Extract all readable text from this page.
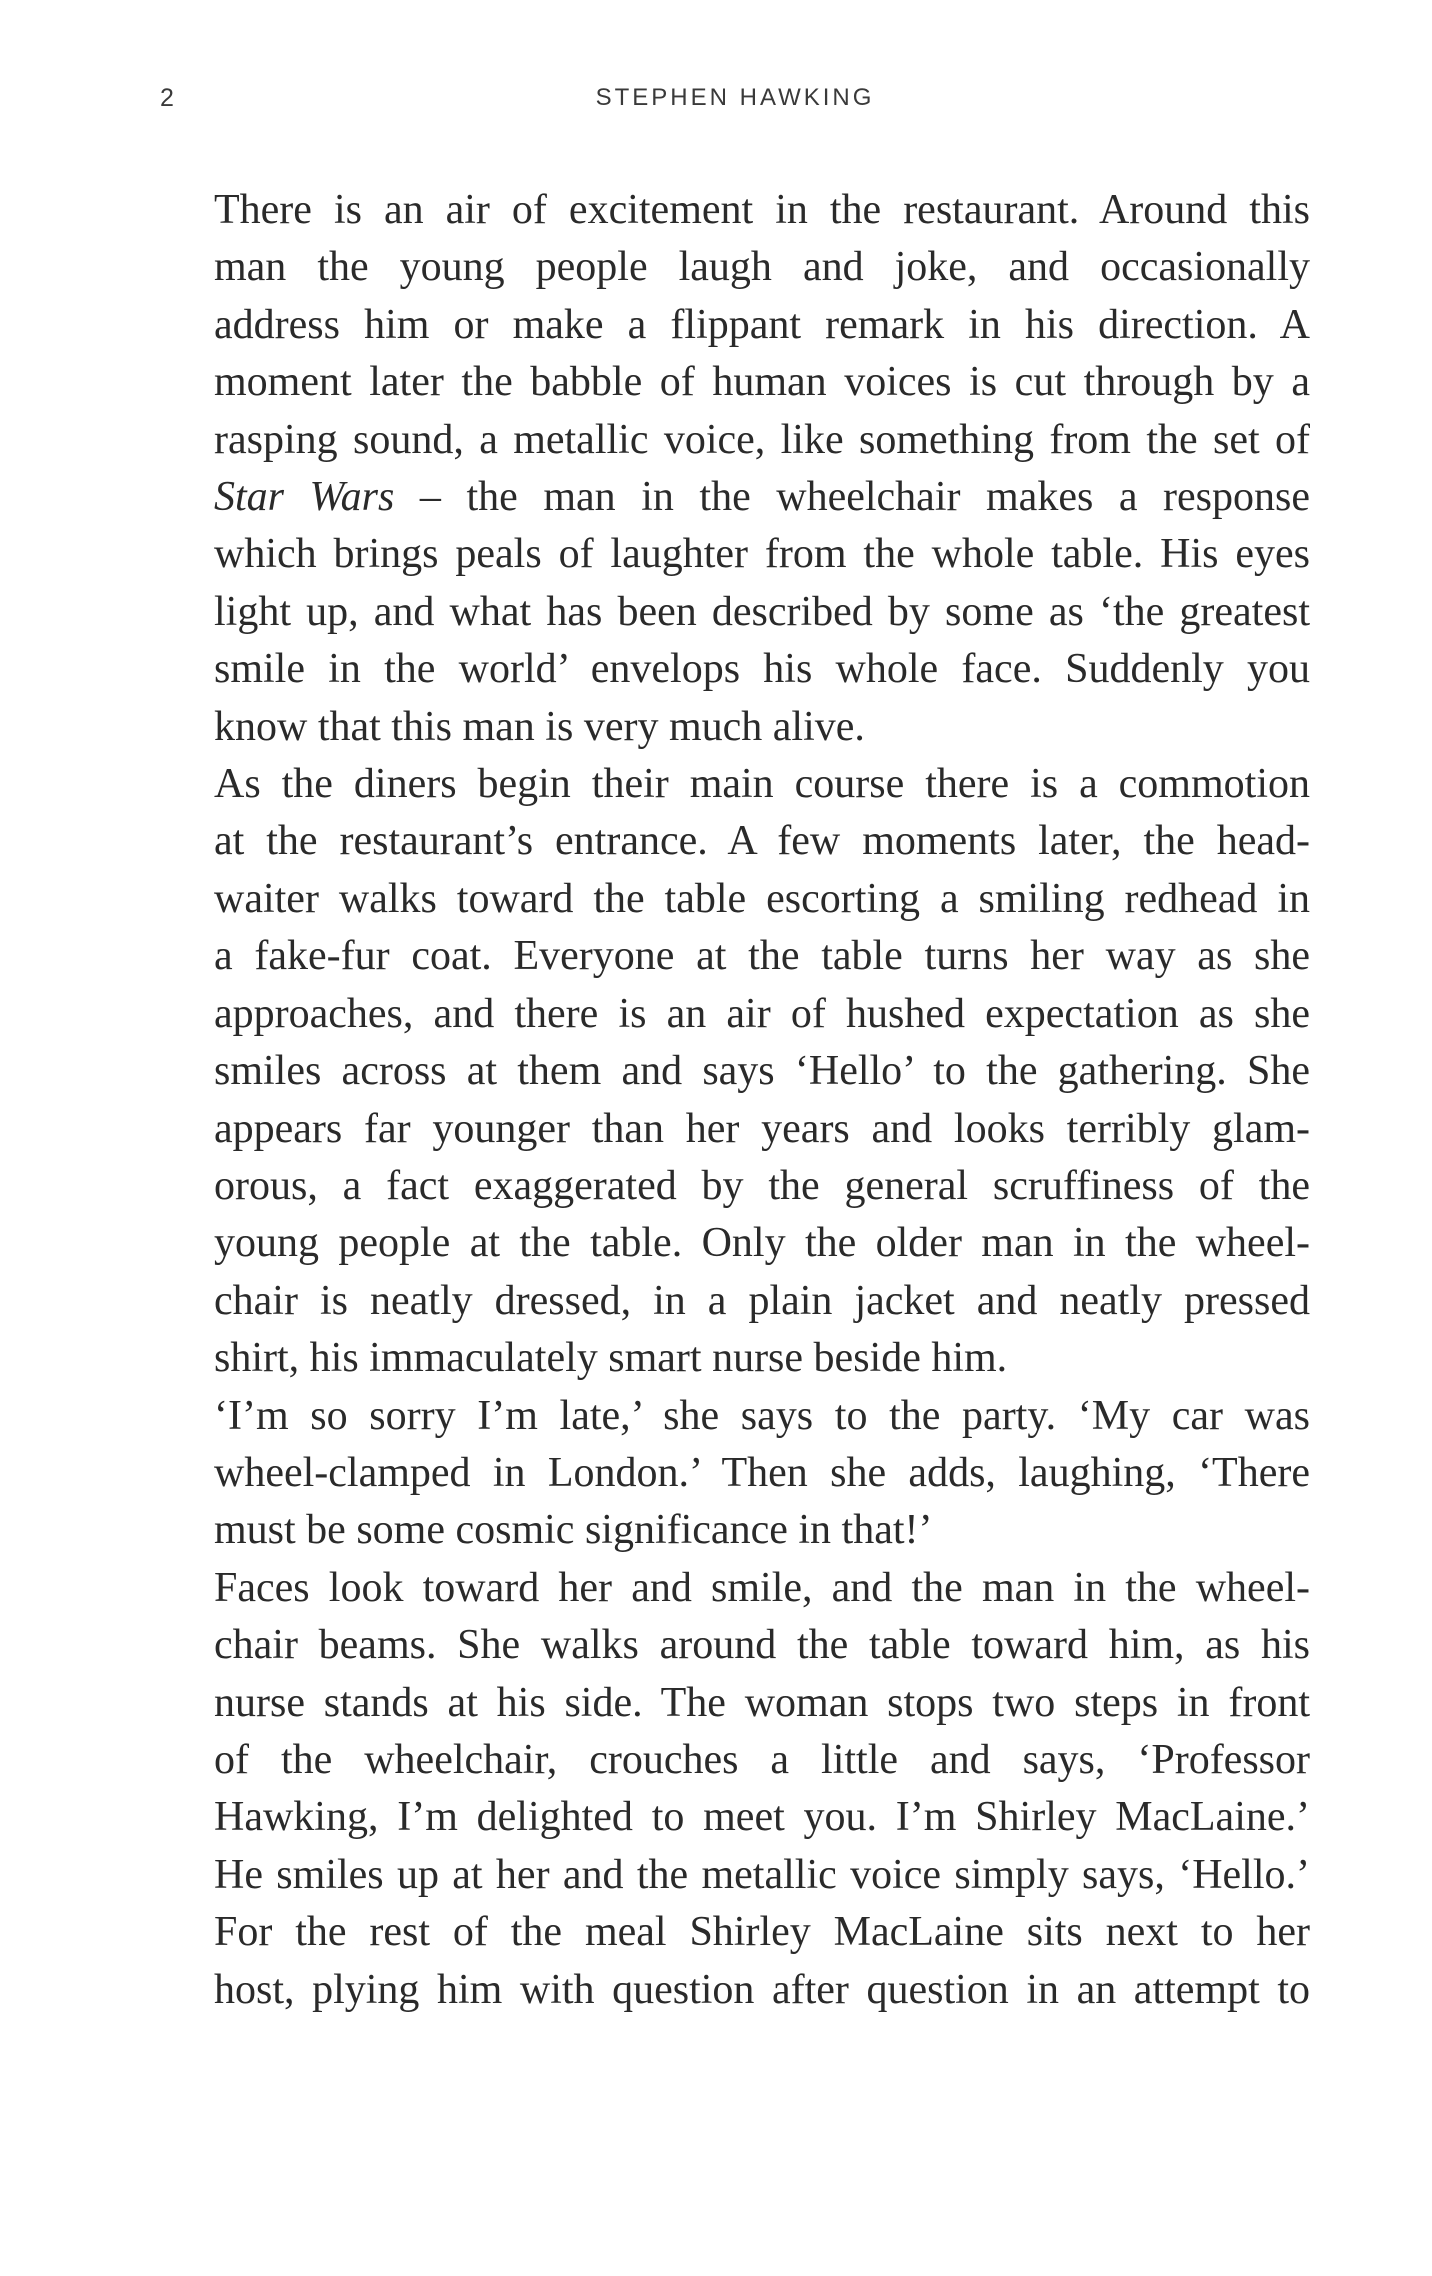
2	STEPHEN HAWKING

There is an air of excitement in the restaurant. Around this
man the young people laugh and joke, and occasionally
address him or make a flippant remark in his direction. A
moment later the babble of human voices is cut through by a
rasping sound, a metallic voice, like something from the set of
Star Wars – the man in the wheelchair makes a response
which brings peals of laughter from the whole table. His eyes
light up, and what has been described by some as ‘the greatest
smile in the world’ envelops his whole face. Suddenly you
know that this man is very much alive.

As the diners begin their main course there is a commotion
at the restaurant’s entrance. A few moments later, the head-
waiter walks toward the table escorting a smiling redhead in
a fake-fur coat. Everyone at the table turns her way as she
approaches, and there is an air of hushed expectation as she
smiles across at them and says ‘Hello’ to the gathering. She
appears far younger than her years and looks terribly glam-
orous, a fact exaggerated by the general scruffiness of the
young people at the table. Only the older man in the wheel-
chair is neatly dressed, in a plain jacket and neatly pressed
shirt, his immaculately smart nurse beside him.

‘I’m so sorry I’m late,’ she says to the party. ‘My car was
wheel-clamped in London.’ Then she adds, laughing, ‘There
must be some cosmic significance in that!’

Faces look toward her and smile, and the man in the wheel-
chair beams. She walks around the table toward him, as his
nurse stands at his side. The woman stops two steps in front
of the wheelchair, crouches a little and says, ‘Professor
Hawking, I’m delighted to meet you. I’m Shirley MacLaine.’
He smiles up at her and the metallic voice simply says, ‘Hello.’

For the rest of the meal Shirley MacLaine sits next to her
host, plying him with question after question in an attempt to
